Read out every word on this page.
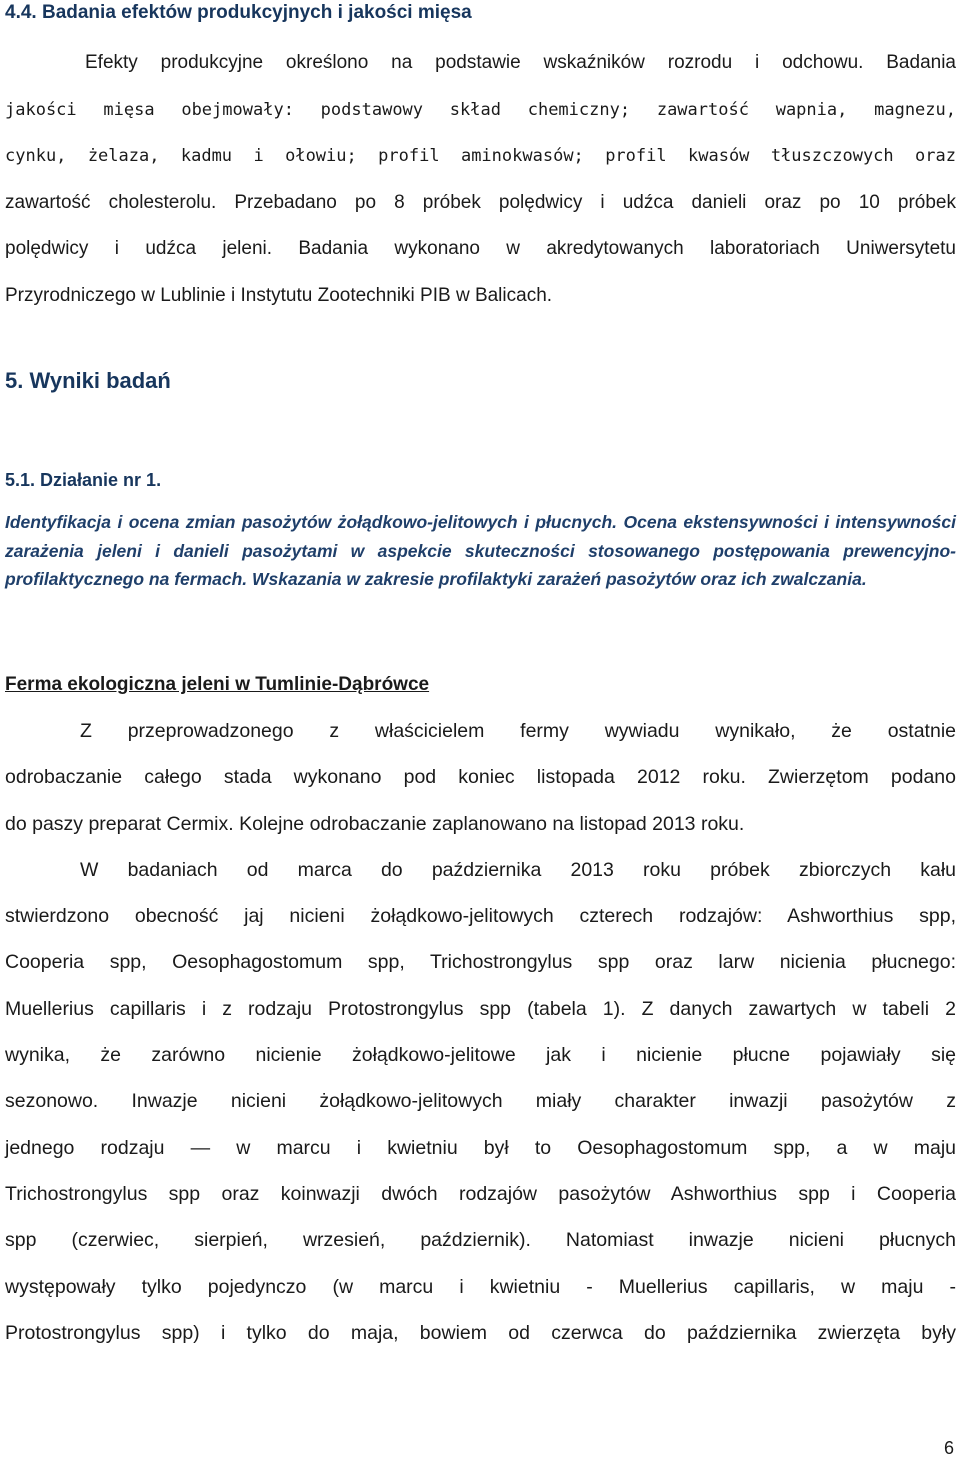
4.4. Badania efektów produkcyjnych i jakości mięsa
Efekty produkcyjne określono na podstawie wskaźników rozrodu i odchowu. Badania
jakości mięsa obejmowały: podstawowy skład chemiczny; zawartość wapnia, magnezu,
cynku, żelaza, kadmu i ołowiu; profil aminokwasów; profil kwasów tłuszczowych oraz
zawartość cholesterolu. Przebadano po 8 próbek polędwicy i udźca danieli oraz po 10 próbek
polędwicy i udźca jeleni. Badania wykonano w akredytowanych laboratoriach Uniwersytetu
Przyrodniczego w Lublinie i Instytutu Zootechniki PIB w Balicach.
5. Wyniki badań
5.1. Działanie nr 1.

Identyfikacja i ocena zmian pasożytów żołądkowo-jelitowych i płucnych. Ocena ekstensywności i intensywności zarażenia jeleni i danieli pasożytami w aspekcie skuteczności stosowanego postępowania prewencyjno-profilaktycznego na fermach. Wskazania w zakresie profilaktyki zarażeń pasożytów oraz ich zwalczania.

Ferma ekologiczna jeleni w Tumlinie-Dąbrówce
Z przeprowadzonego z właścicielem fermy wywiadu wynikało, że ostatnie
odrobaczanie całego stada wykonano pod koniec listopada 2012 roku. Zwierzętom podano
do paszy preparat Cermix. Kolejne odrobaczanie zaplanowano na listopad 2013 roku.
W badaniach od marca do października 2013 roku próbek zbiorczych kału
stwierdzono obecność jaj nicieni żołądkowo-jelitowych czterech rodzajów: Ashworthius spp,
Cooperia spp, Oesophagostomum spp, Trichostrongylus spp oraz larw nicienia płucnego:
Muellerius capillaris i z rodzaju Protostrongylus spp (tabela 1). Z danych zawartych w tabeli 2
wynika, że zarówno nicienie żołądkowo-jelitowe jak i nicienie płucne pojawiały się
sezonowo. Inwazje nicieni żołądkowo-jelitowych miały charakter inwazji pasożytów z
jednego rodzaju — w marcu i kwietniu był to Oesophagostomum spp, a w maju
Trichostrongylus spp oraz koinwazji dwóch rodzajów pasożytów Ashworthius spp i Cooperia
spp (czerwiec, sierpień, wrzesień, październik). Natomiast inwazje nicieni płucnych
występowały tylko pojedynczo (w marcu i kwietniu - Muellerius capillaris, w maju -
Protostrongylus spp) i tylko do maja, bowiem od czerwca do października zwierzęta były
6
